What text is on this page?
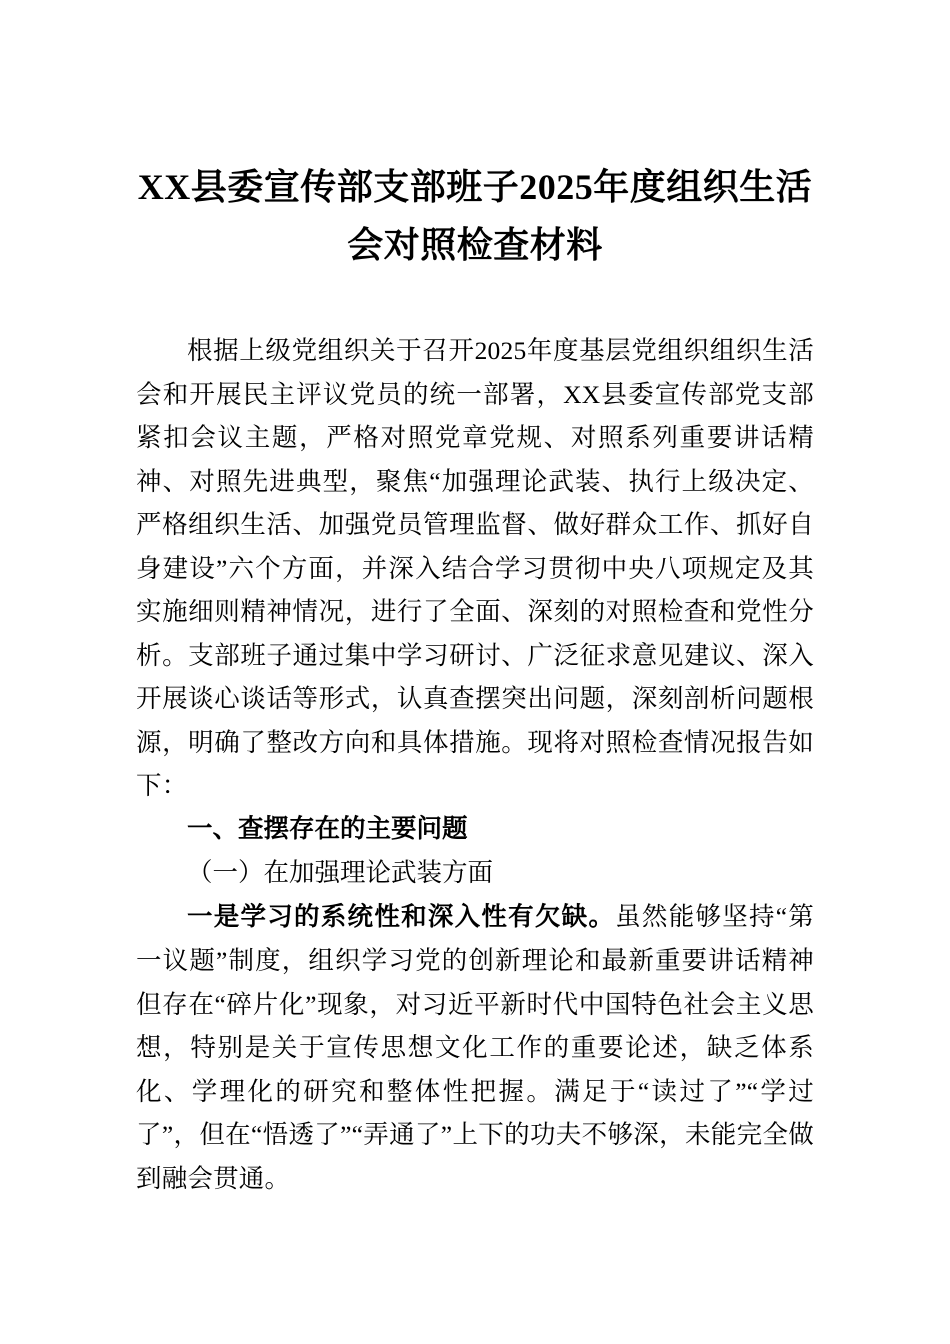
XX县委宣传部支部班子2025年度组织生活会对照检查材料

根据上级党组织关于召开2025年度基层党组织组织生活会和开展民主评议党员的统一部署，XX县委宣传部党支部紧扣会议主题，严格对照党章党规、对照系列重要讲话精神、对照先进典型，聚焦“加强理论武装、执行上级决定、严格组织生活、加强党员管理监督、做好群众工作、抓好自身建设”六个方面，并深入结合学习贯彻中央八项规定及其实施细则精神情况，进行了全面、深刻的对照检查和党性分析。支部班子通过集中学习研讨、广泛征求意见建议、深入开展谈心谈话等形式，认真查摆突出问题，深刻剖析问题根源，明确了整改方向和具体措施。现将对照检查情况报告如下：

一、查摆存在的主要问题

（一）在加强理论武装方面

一是学习的系统性和深入性有欠缺。虽然能够坚持“第一议题”制度，组织学习党的创新理论和最新重要讲话精神但存在“碎片化”现象，对习近平新时代中国特色社会主义思想，特别是关于宣传思想文化工作的重要论述，缺乏体系化、学理化的研究和整体性把握。满足于“读过了”“学过了”，但在“悟透了”“弄通了”上下的功夫不够深，未能完全做到融会贯通。
